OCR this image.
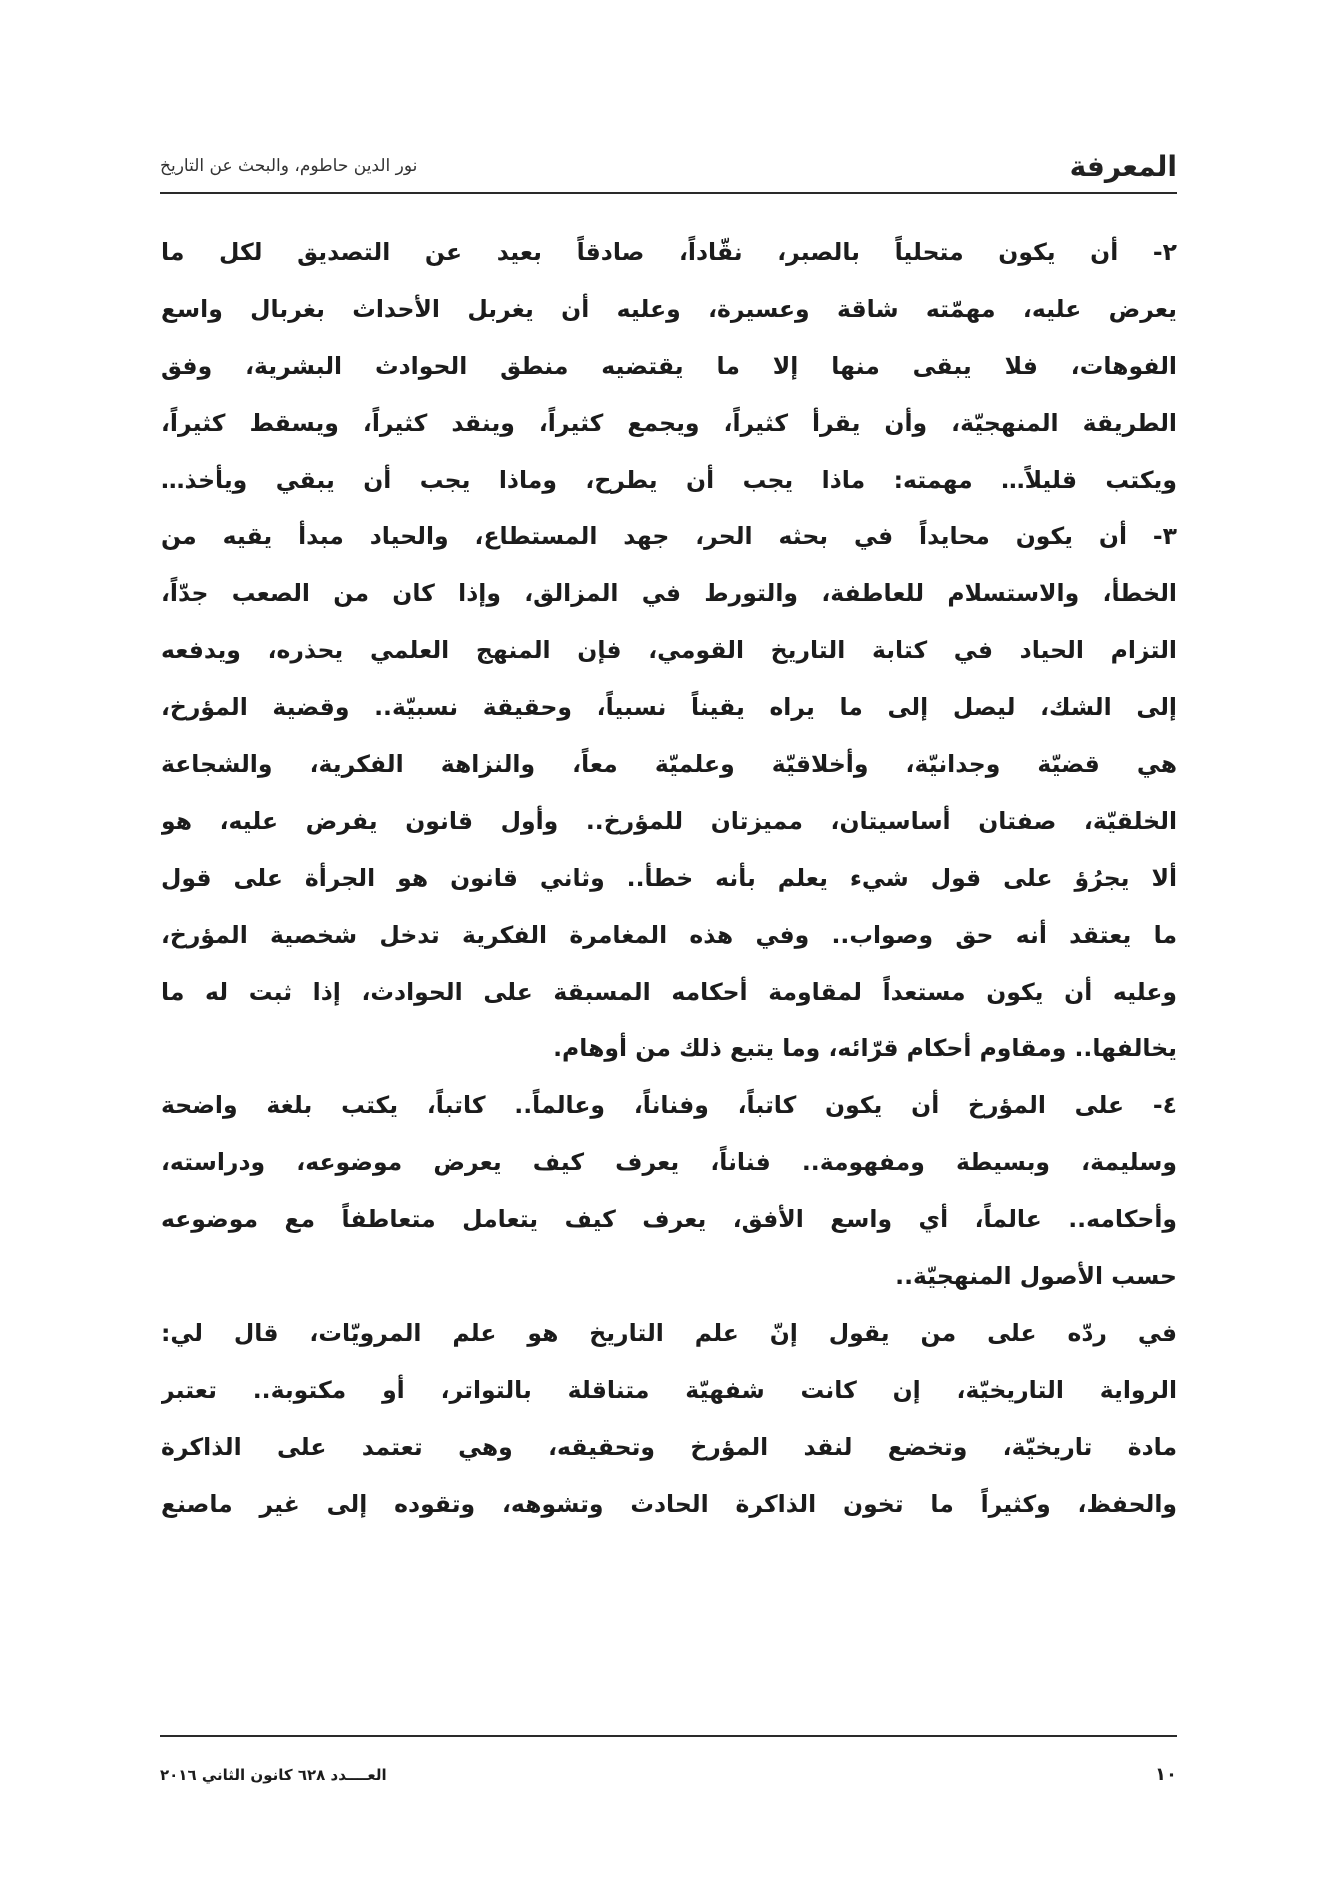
المعرفة
نور الدين حاطوم، والبحث عن التاريخ
٢- أن يكون متحلياً بالصبر، نقّاداً، صادقاً بعيد عن التصديق لكل ما
يعرض عليه، مهمّته شاقة وعسيرة، وعليه أن يغربل الأحداث بغربال واسع
الفوهات، فلا يبقى منها إلا ما يقتضيه منطق الحوادث البشرية، وفق
الطريقة المنهجيّة، وأن يقرأ كثيراً، ويجمع كثيراً، وينقد كثيراً، ويسقط كثيراً،
ويكتب قليلاً… مهمته: ماذا يجب أن يطرح، وماذا يجب أن يبقي ويأخذ…
٣- أن يكون محايداً في بحثه الحر، جهد المستطاع، والحياد مبدأ يقيه من
الخطأ، والاستسلام للعاطفة، والتورط في المزالق، وإذا كان من الصعب جدّاً،
التزام الحياد في كتابة التاريخ القومي، فإن المنهج العلمي يحذره، ويدفعه
إلى الشك، ليصل إلى ما يراه يقيناً نسبياً، وحقيقة نسبيّة.. وقضية المؤرخ،
هي قضيّة وجدانيّة، وأخلاقيّة وعلميّة معاً، والنزاهة الفكرية، والشجاعة
الخلقيّة، صفتان أساسيتان، مميزتان للمؤرخ.. وأول قانون يفرض عليه، هو
ألا يجرُؤ على قول شيء يعلم بأنه خطأ.. وثاني قانون هو الجرأة على قول
ما يعتقد أنه حق وصواب.. وفي هذه المغامرة الفكرية تدخل شخصية المؤرخ،
وعليه أن يكون مستعداً لمقاومة أحكامه المسبقة على الحوادث، إذا ثبت له ما
يخالفها.. ومقاوم أحكام قرّائه، وما يتبع ذلك من أوهام.
٤- على المؤرخ أن يكون كاتباً، وفناناً، وعالماً.. كاتباً، يكتب بلغة واضحة
وسليمة، وبسيطة ومفهومة.. فناناً، يعرف كيف يعرض موضوعه، ودراسته،
وأحكامه.. عالماً، أي واسع الأفق، يعرف كيف يتعامل متعاطفاً مع موضوعه
حسب الأصول المنهجيّة..
في ردّه على من يقول إنّ علم التاريخ هو علم المرويّات، قال لي:
الرواية التاريخيّة، إن كانت شفهيّة متناقلة بالتواتر، أو مكتوبة.. تعتبر
مادة تاريخيّة، وتخضع لنقد المؤرخ وتحقيقه، وهي تعتمد على الذاكرة
والحفظ، وكثيراً ما تخون الذاكرة الحادث وتشوهه، وتقوده إلى غير ماصنع
١٠
العــــدد ٦٢٨ كانون الثاني ٢٠١٦
